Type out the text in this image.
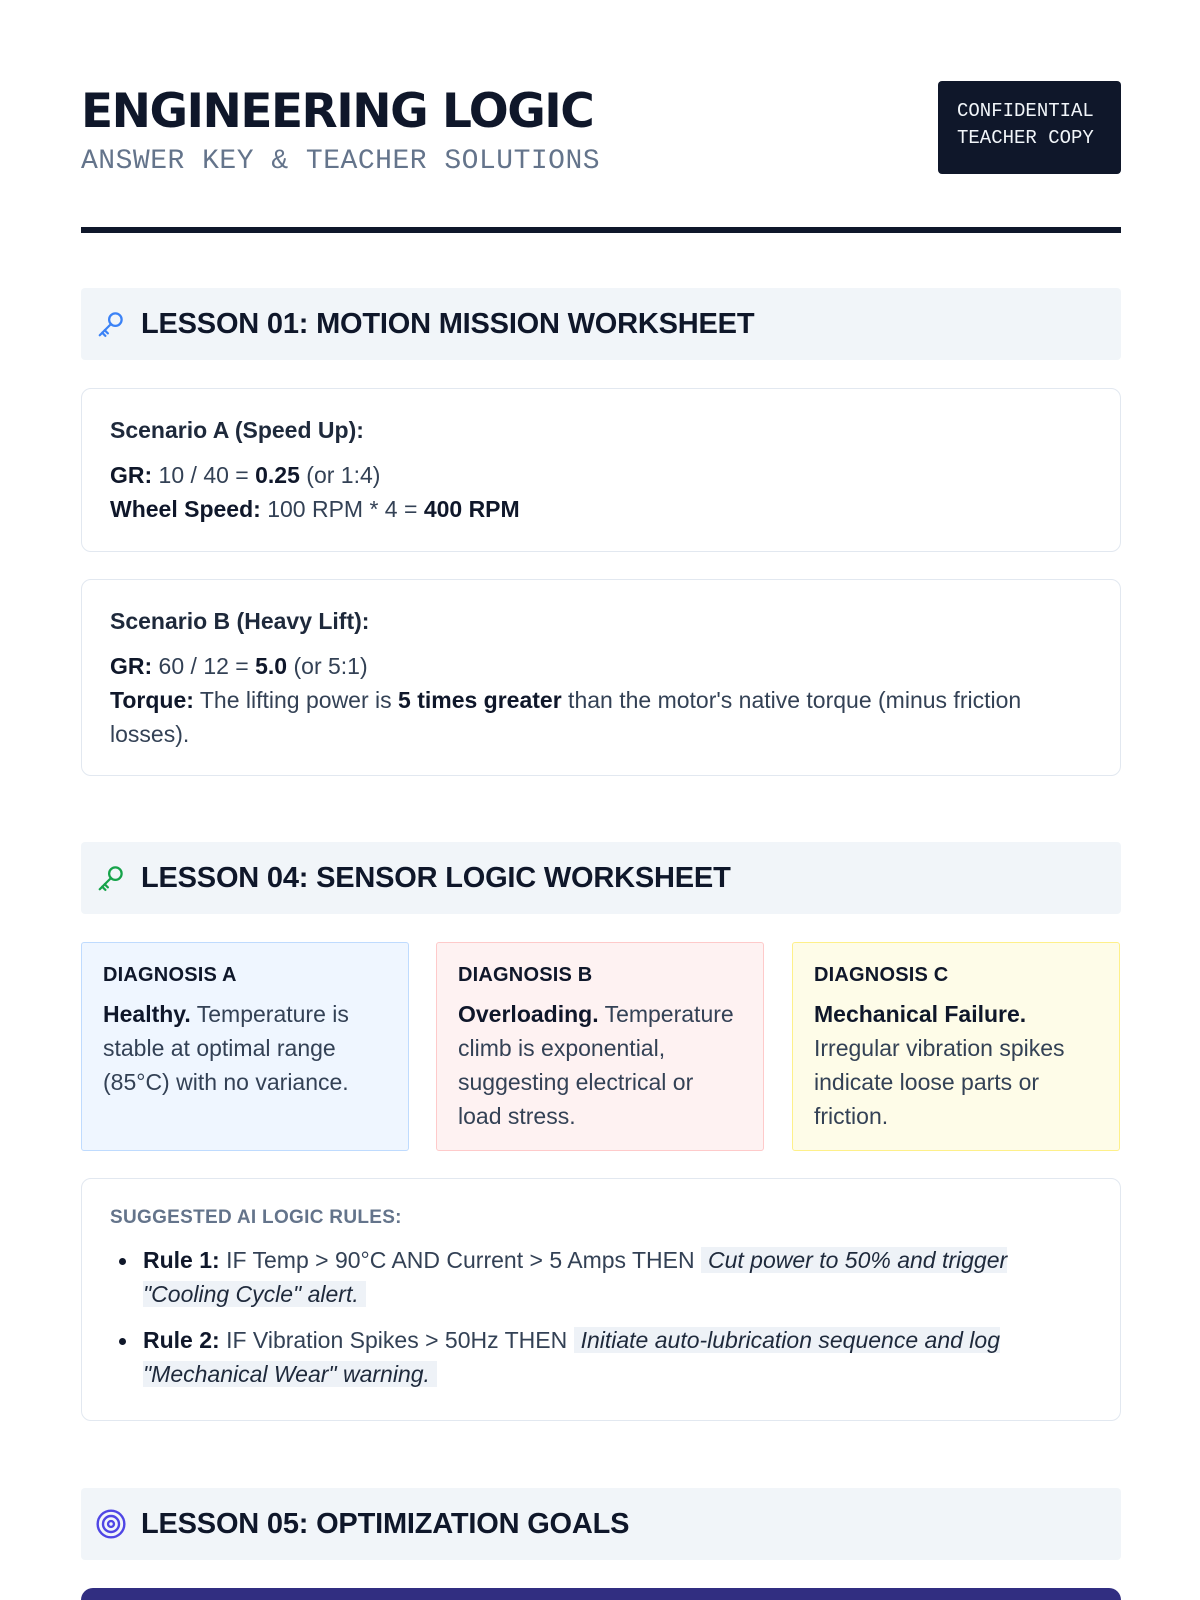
ENGINEERING LOGIC
ANSWER KEY & TEACHER SOLUTIONS
CONFIDENTIAL
TEACHER COPY
LESSON 01: MOTION MISSION WORKSHEET
Scenario A (Speed Up):

GR: 10 / 40 = 0.25 (or 1:4)

Wheel Speed: 100 RPM * 4 = 400 RPM

Scenario B (Heavy Lift):

GR: 60 / 12 = 5.0 (or 5:1)

Torque: The lifting power is 5 times greater than the motor's native torque (minus friction losses).

LESSON 04: SENSOR LOGIC WORKSHEET
DIAGNOSIS A

Healthy. Temperature is stable at optimal range (85°C) with no variance.

DIAGNOSIS B

Overloading. Temperature climb is exponential, suggesting electrical or load stress.

DIAGNOSIS C

Mechanical Failure. Irregular vibration spikes indicate loose parts or friction.

SUGGESTED AI LOGIC RULES:
Rule 1: IF Temp > 90°C AND Current > 5 Amps THEN Cut power to 50% and trigger "Cooling Cycle" alert.
Rule 2: IF Vibration Spikes > 50Hz THEN Initiate auto-lubrication sequence and log "Mechanical Wear" warning.
LESSON 05: OPTIMIZATION GOALS
